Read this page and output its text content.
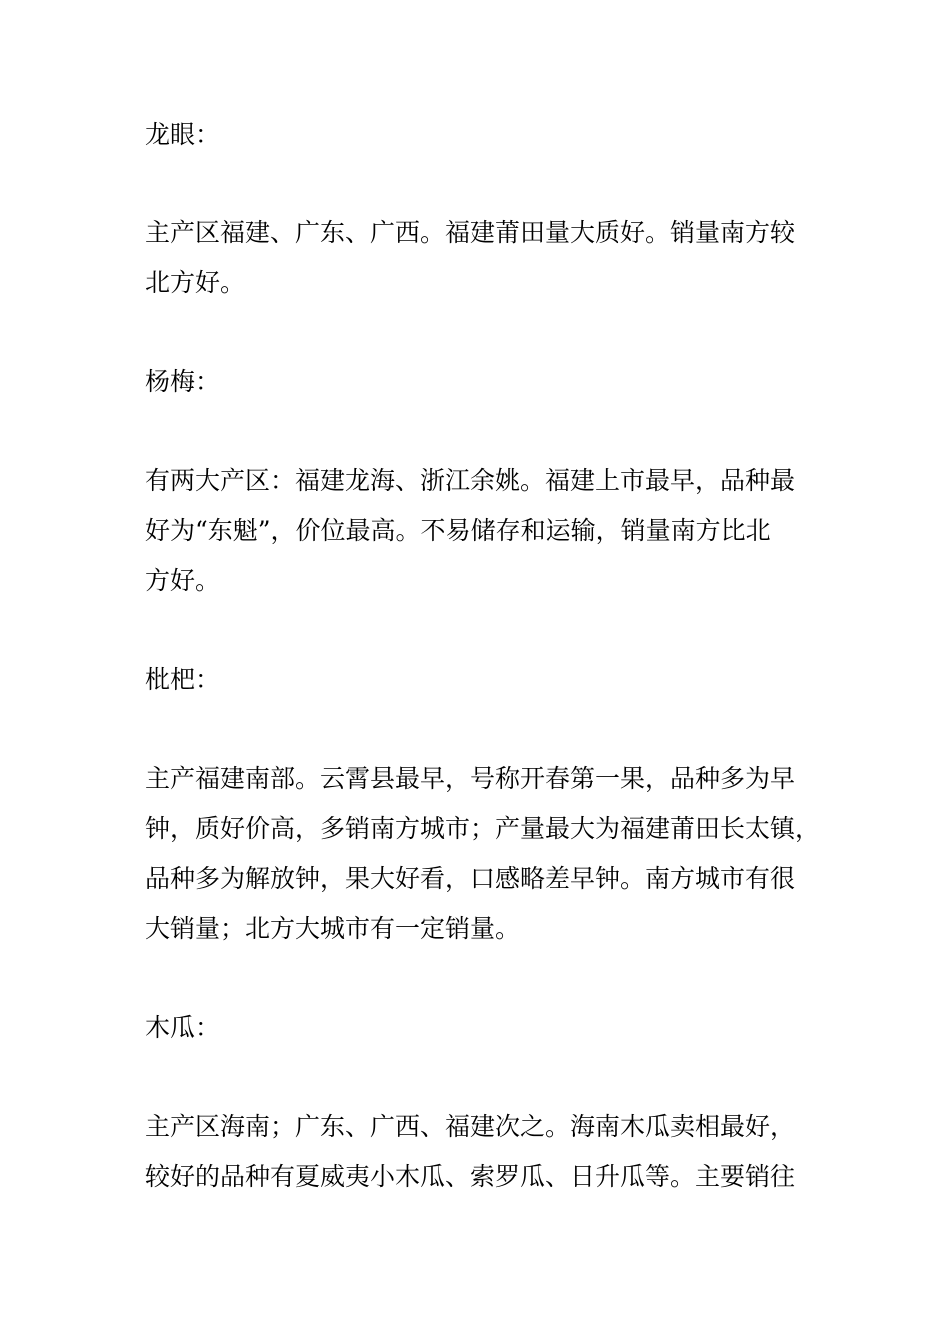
龙眼：

主产区福建、广东、广西。福建莆田量大质好。销量南方较
北方好。

杨梅：

有两大产区：福建龙海、浙江余姚。福建上市最早，品种最
好为“东魁”，价位最高。不易储存和运输，销量南方比北
方好。

枇杷：

主产福建南部。云霄县最早，号称开春第一果，品种多为早
钟，质好价高，多销南方城市；产量最大为福建莆田长太镇，
品种多为解放钟，果大好看，口感略差早钟。南方城市有很
大销量；北方大城市有一定销量。

木瓜：

主产区海南；广东、广西、福建次之。海南木瓜卖相最好，
较好的品种有夏威夷小木瓜、索罗瓜、日升瓜等。主要销往
